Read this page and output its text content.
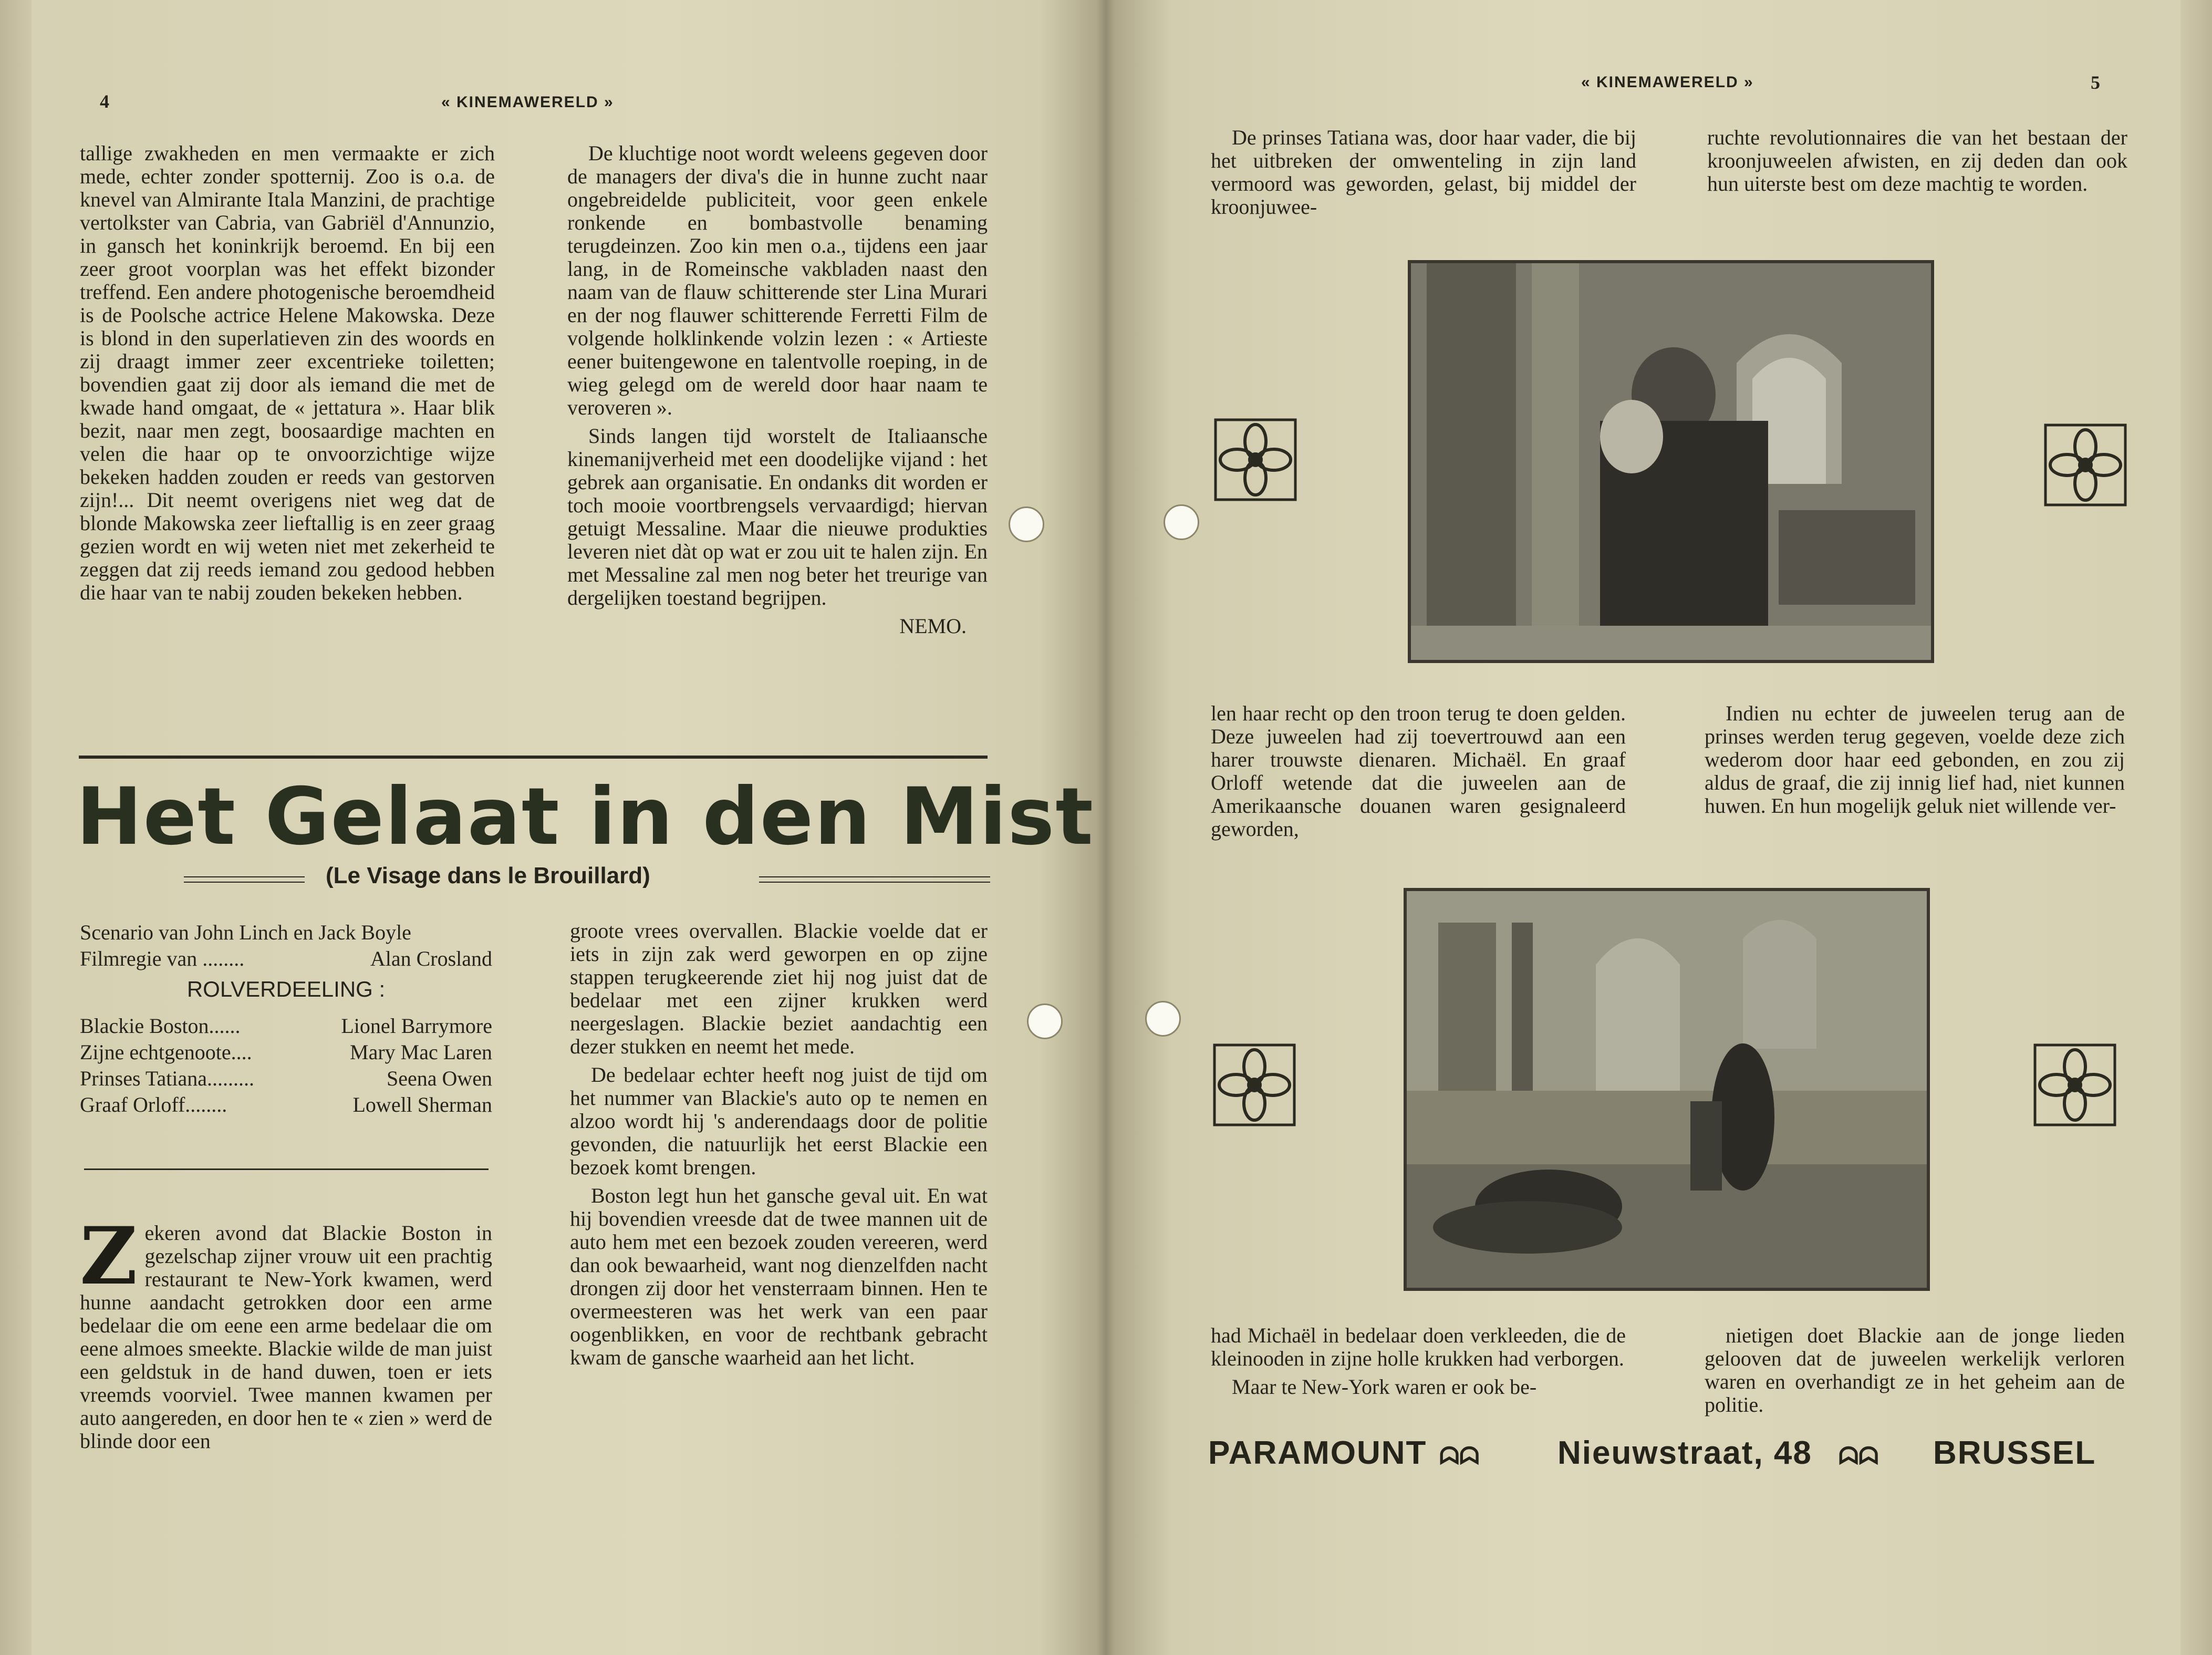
4	« KINEMAWERELD »

tallige zwakheden en men vermaakte er zich mede, echter zonder spotternij. Zoo is o.a. de knevel van Almirante Itala Manzini, de prachtige vertolkster van Cabria, van Gabriël d'Annunzio, in gansch het koninkrijk beroemd. En bij een zeer groot voorplan was het effekt bizonder treffend. Een andere photogenische beroemdheid is de Poolsche actrice Helene Makowska. Deze is blond in den superlatieven zin des woords en zij draagt immer zeer excentrieke toiletten; bovendien gaat zij door als iemand die met de kwade hand omgaat, de « jettatura ». Haar blik bezit, naar men zegt, boosaardige machten en velen die haar op te onvoorzichtige wijze bekeken hadden zouden er reeds van gestorven zijn!... Dit neemt overigens niet weg dat de blonde Makowska zeer lieftallig is en zeer graag gezien wordt en wij weten niet met zekerheid te zeggen dat zij reeds iemand zou gedood hebben die haar van te nabij zouden bekeken hebben.

De kluchtige noot wordt weleens gegeven door de managers der diva's die in hunne zucht naar ongebreidelde publiciteit, voor geen enkele ronkende en bombastvolle benaming terugdeinzen. Zoo kin men o.a., tijdens een jaar lang, in de Romeinsche vakbladen naast den naam van de flauw schitterende ster Lina Murari en der nog flauwer schitterende Ferretti Film de volgende holklinkende volzin lezen : « Artieste eener buitengewone en talentvolle roeping, in de wieg gelegd om de wereld door haar naam te veroveren ».

Sinds langen tijd worstelt de Italiaansche kinemanijverheid met een doodelijke vijand : het gebrek aan organisatie. En ondanks dit worden er toch mooie voortbrengsels vervaardigd; hiervan getuigt Messaline. Maar die nieuwe produkties leveren niet dàt op wat er zou uit te halen zijn. En met Messaline zal men nog beter het treurige van dergelijken toestand begrijpen.

NEMO.
Het Gelaat in den Mist
(Le Visage dans le Brouillard)
Scenario van John Linch en Jack Boyle
Filmregie van ........	Alan Crosland
ROLVERDEELING :
Blackie Boston......	Lionel Barrymore
Zijne echtgenoote....	Mary Mac Laren
Prinses Tatiana.........	Seena Owen
Graaf Orloff........	Lowell Sherman
Z ekeren avond dat Blackie Boston in gezelschap zijner vrouw uit een prachtig restaurant te New-York kwamen, werd hunne aandacht getrokken door een arme bedelaar die om eene een arme bedelaar die om eene almoes smeekte. Blackie wilde de man juist een geldstuk in de hand duwen, toen er iets vreemds voorviel. Twee mannen kwamen per auto aangereden, en door hen te « zien » werd de blinde door een

groote vrees overvallen. Blackie voelde dat er iets in zijn zak werd geworpen en op zijne stappen terugkeerende ziet hij nog juist dat de bedelaar met een zijner krukken werd neergeslagen. Blackie beziet aandachtig een dezer stukken en neemt het mede.

De bedelaar echter heeft nog juist de tijd om het nummer van Blackie's auto op te nemen en alzoo wordt hij 's anderendaags door de politie gevonden, die natuurlijk het eerst Blackie een bezoek komt brengen.

Boston legt hun het gansche geval uit. En wat hij bovendien vreesde dat de twee mannen uit de auto hem met een bezoek zouden vereeren, werd dan ook bewaarheid, want nog dienzelfden nacht drongen zij door het vensterraam binnen. Hen te overmeesteren was het werk van een paar oogenblikken, en voor de rechtbank gebracht kwam de gansche waarheid aan het licht.

« KINEMAWERELD »	5

De prinses Tatiana was, door haar vader, die bij het uitbreken der omwenteling in zijn land vermoord was geworden, gelast, bij middel der kroonjuwee-

ruchte revolutionnaires die van het bestaan der kroonjuweelen afwisten, en zij deden dan ook hun uiterste best om deze machtig te worden.

len haar recht op den troon terug te doen gelden. Deze juweelen had zij toevertrouwd aan een harer trouwste dienaren. Michaël. En graaf Orloff wetende dat die juweelen aan de Amerikaansche douanen waren gesignaleerd geworden,

Indien nu echter de juweelen terug aan de prinses werden terug gegeven, voelde deze zich wederom door haar eed gebonden, en zou zij aldus de graaf, die zij innig lief had, niet kunnen huwen. En hun mogelijk geluk niet willende ver-

had Michaël in bedelaar doen verkleeden, die de kleinooden in zijne holle krukken had verborgen.

Maar te New-York waren er ook be-

nietigen doet Blackie aan de jonge lieden gelooven dat de juweelen werkelijk verloren waren en overhandigt ze in het geheim aan de politie.

PARAMOUNT ᗣᗣ Nieuwstraat, 48 ᗣᗣ BRUSSEL
